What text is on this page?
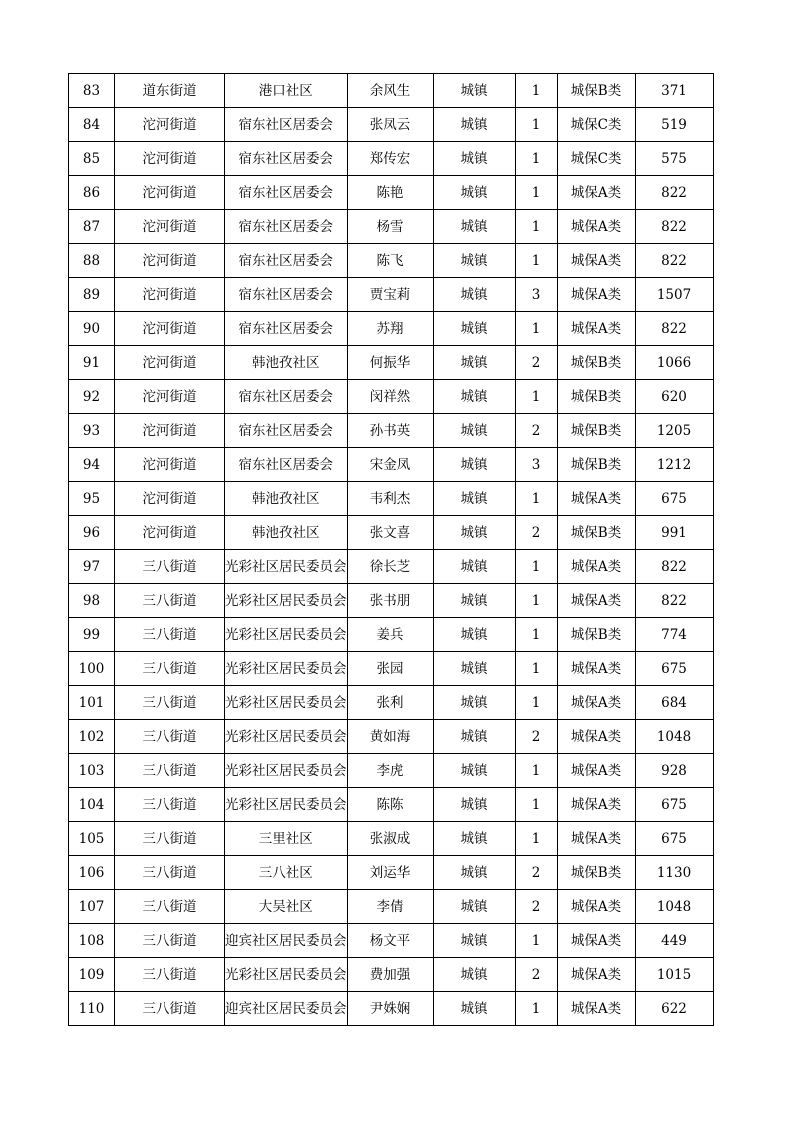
83	道东街道	港口社区	余风生	城镇	1	城保B类	371
84	沱河街道	宿东社区居委会	张凤云	城镇	1	城保C类	519
85	沱河街道	宿东社区居委会	郑传宏	城镇	1	城保C类	575
86	沱河街道	宿东社区居委会	陈艳	城镇	1	城保A类	822
87	沱河街道	宿东社区居委会	杨雪	城镇	1	城保A类	822
88	沱河街道	宿东社区居委会	陈飞	城镇	1	城保A类	822
89	沱河街道	宿东社区居委会	贾宝莉	城镇	3	城保A类	1507
90	沱河街道	宿东社区居委会	苏翔	城镇	1	城保A类	822
91	沱河街道	韩池孜社区	何振华	城镇	2	城保B类	1066
92	沱河街道	宿东社区居委会	闵祥然	城镇	1	城保B类	620
93	沱河街道	宿东社区居委会	孙书英	城镇	2	城保B类	1205
94	沱河街道	宿东社区居委会	宋金凤	城镇	3	城保B类	1212
95	沱河街道	韩池孜社区	韦利杰	城镇	1	城保A类	675
96	沱河街道	韩池孜社区	张文喜	城镇	2	城保B类	991
97	三八街道	光彩社区居民委员会	徐长芝	城镇	1	城保A类	822
98	三八街道	光彩社区居民委员会	张书朋	城镇	1	城保A类	822
99	三八街道	光彩社区居民委员会	姜兵	城镇	1	城保B类	774
100	三八街道	光彩社区居民委员会	张园	城镇	1	城保A类	675
101	三八街道	光彩社区居民委员会	张利	城镇	1	城保A类	684
102	三八街道	光彩社区居民委员会	黄如海	城镇	2	城保A类	1048
103	三八街道	光彩社区居民委员会	李虎	城镇	1	城保A类	928
104	三八街道	光彩社区居民委员会	陈陈	城镇	1	城保A类	675
105	三八街道	三里社区	张淑成	城镇	1	城保A类	675
106	三八街道	三八社区	刘运华	城镇	2	城保B类	1130
107	三八街道	大吴社区	李倩	城镇	2	城保A类	1048
108	三八街道	迎宾社区居民委员会	杨文平	城镇	1	城保A类	449
109	三八街道	光彩社区居民委员会	费加强	城镇	2	城保A类	1015
110	三八街道	迎宾社区居民委员会	尹姝娴	城镇	1	城保A类	622
